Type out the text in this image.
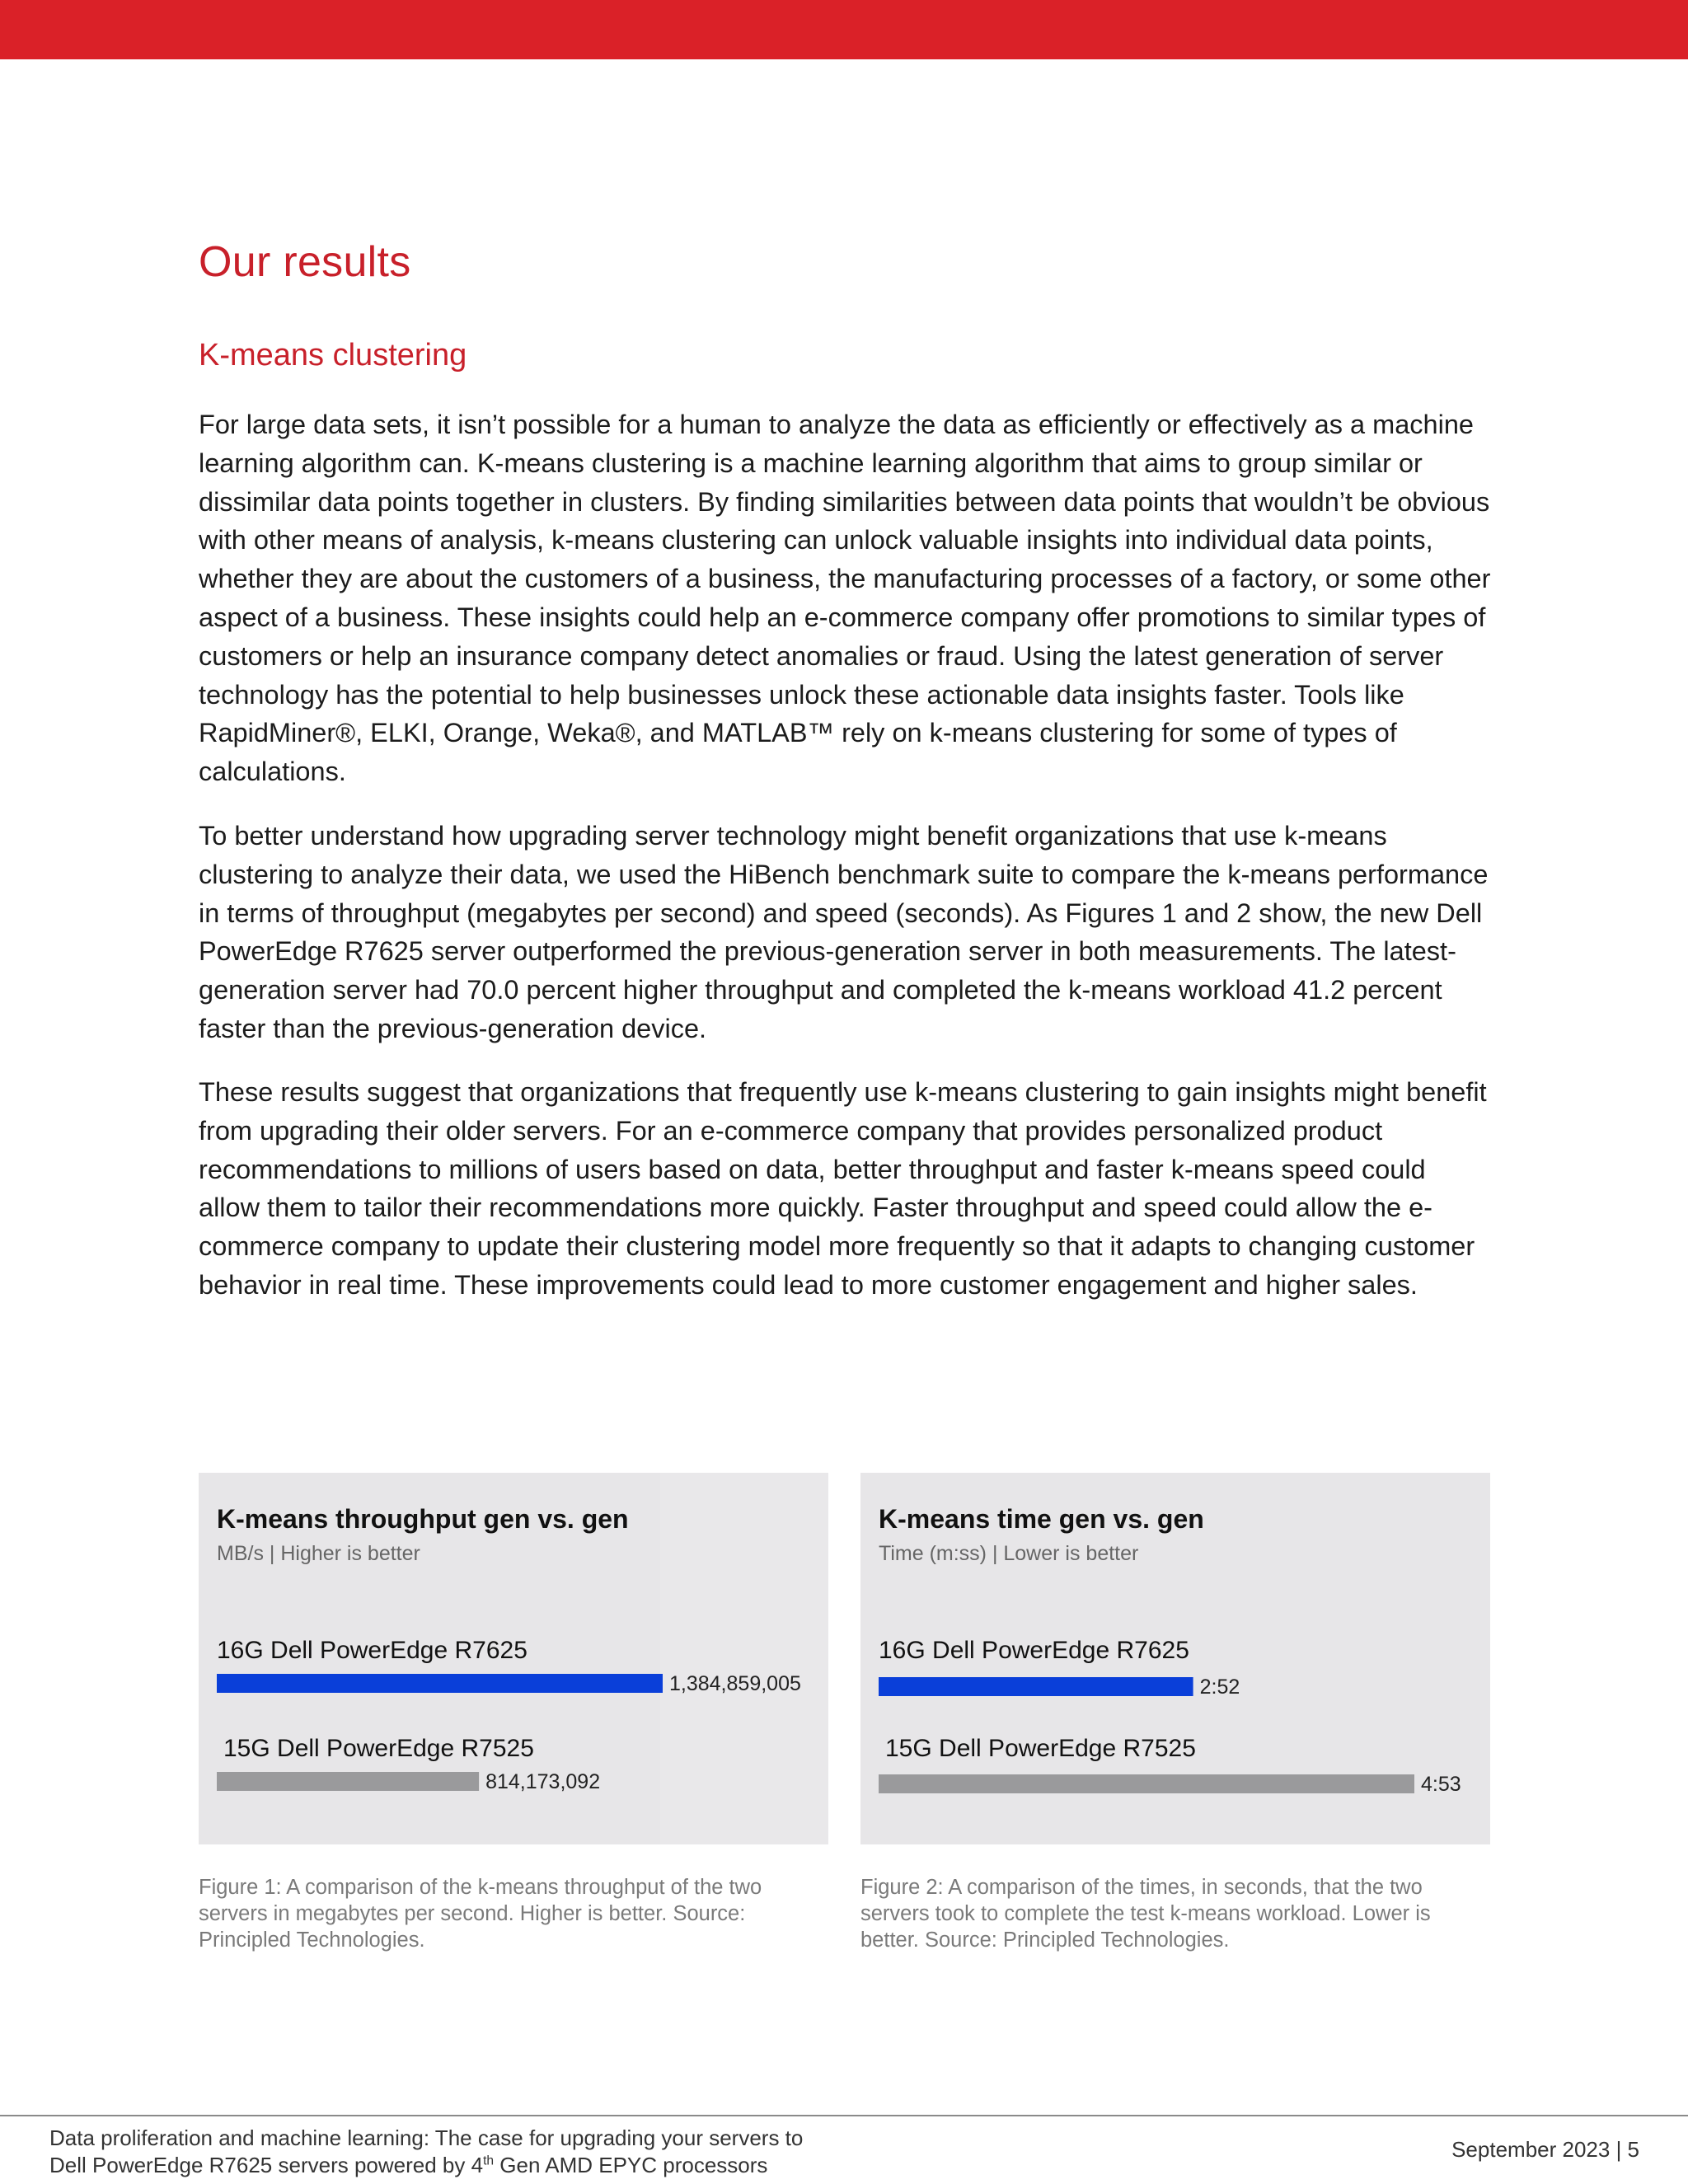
Our results
K-means clustering

For large data sets, it isn’t possible for a human to analyze the data as efficiently or effectively as a machine learning algorithm can. K-means clustering is a machine learning algorithm that aims to group similar or dissimilar data points together in clusters. By finding similarities between data points that wouldn’t be obvious with other means of analysis, k-means clustering can unlock valuable insights into individual data points, whether they are about the customers of a business, the manufacturing processes of a factory, or some other aspect of a business. These insights could help an e-commerce company offer promotions to similar types of customers or help an insurance company detect anomalies or fraud. Using the latest generation of server technology has the potential to help businesses unlock these actionable data insights faster. Tools like RapidMiner®, ELKI, Orange, Weka®, and MATLAB™ rely on k-means clustering for some of types of calculations.

To better understand how upgrading server technology might benefit organizations that use k-means clustering to analyze their data, we used the HiBench benchmark suite to compare the k-means performance in terms of throughput (megabytes per second) and speed (seconds). As Figures 1 and 2 show, the new Dell PowerEdge R7625 server outperformed the previous-generation server in both measurements. The latest-generation server had 70.0 percent higher throughput and completed the k-means workload 41.2 percent faster than the previous-generation device.

These results suggest that organizations that frequently use k-means clustering to gain insights might benefit from upgrading their older servers. For an e-commerce company that provides personalized product recommendations to millions of users based on data, better throughput and faster k-means speed could allow them to tailor their recommendations more quickly. Faster throughput and speed could allow the e-commerce company to update their clustering model more frequently so that it adapts to changing customer behavior in real time. These improvements could lead to more customer engagement and higher sales.

K-means throughput gen vs. gen
MB/s | Higher is better
16G Dell PowerEdge R7625
1,384,859,005
15G Dell PowerEdge R7525
814,173,092
K-means time gen vs. gen
Time (m:ss) | Lower is better
16G Dell PowerEdge R7625
2:52
15G Dell PowerEdge R7525
4:53

Figure 1: A comparison of the k-means throughput of the two servers in megabytes per second. Higher is better. Source: Principled Technologies.

Figure 2: A comparison of the times, in seconds, that the two servers took to complete the test k-means workload. Lower is better. Source: Principled Technologies.

Data proliferation and machine learning: The case for upgrading your servers to
Dell PowerEdge R7625 servers powered by 4th Gen AMD EPYC processors
September 2023 | 5
